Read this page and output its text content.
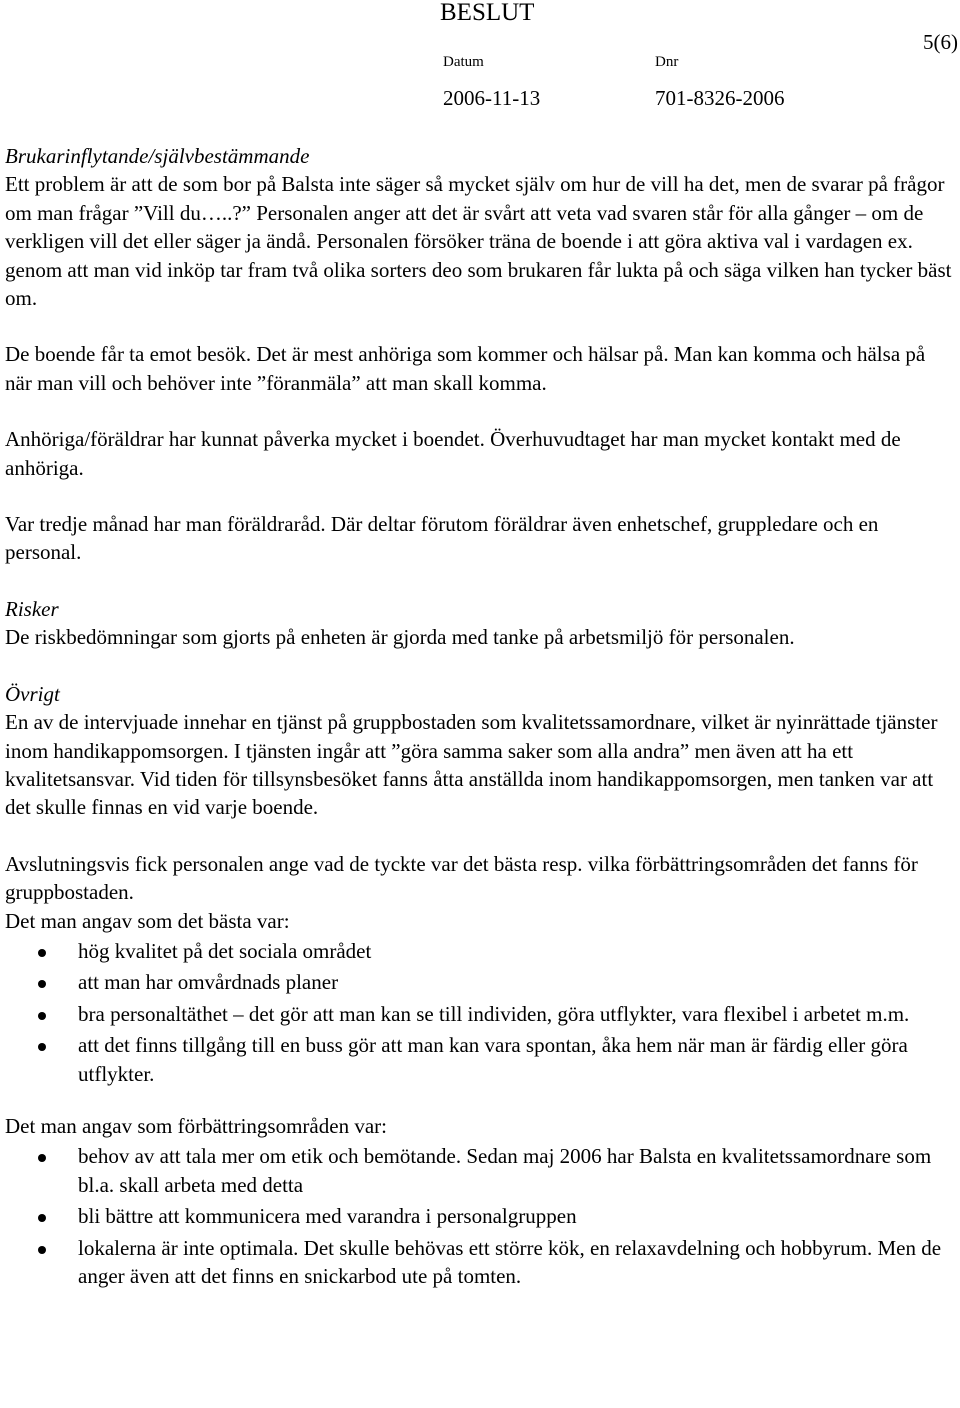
BESLUT
5(6)
Datum	Dnr
2006-11-13	701-8326-2006

Brukarinflytande/självbestämmande

Ett problem är att de som bor på Balsta inte säger så mycket själv om hur de vill ha det, men de svarar på frågor om man frågar ”Vill du…..?” Personalen anger att det är svårt att veta vad svaren står för alla gånger – om de verkligen vill det eller säger ja ändå. Personalen försöker träna de boende i att göra aktiva val i vardagen ex. genom att man vid inköp tar fram två olika sorters deo som brukaren får lukta på och säga vilken han tycker bäst om.

De boende får ta emot besök. Det är mest anhöriga som kommer och hälsar på. Man kan komma och hälsa på när man vill och behöver inte ”föranmäla” att man skall komma.

Anhöriga/föräldrar har kunnat påverka mycket i boendet. Överhuvudtaget har man mycket kontakt med de anhöriga.

Var tredje månad har man föräldraråd. Där deltar förutom föräldrar även enhetschef, gruppledare och en personal.

Risker

De riskbedömningar som gjorts på enheten är gjorda med tanke på arbetsmiljö för personalen.

Övrigt

En av de intervjuade innehar en tjänst på gruppbostaden som kvalitetssamordnare, vilket är nyinrättade tjänster inom handikappomsorgen. I tjänsten ingår att ”göra samma saker som alla andra” men även att ha ett kvalitetsansvar. Vid tiden för tillsynsbesöket fanns åtta anställda inom handikappomsorgen, men tanken var att det skulle finnas en vid varje boende.

Avslutningsvis fick personalen ange vad de tyckte var det bästa resp. vilka förbättringsområden det fanns för gruppbostaden.

Det man angav som det bästa var:

hög kvalitet på det sociala området
att man har omvårdnads planer
bra personaltäthet – det gör att man kan se till individen, göra utflykter, vara flexibel i arbetet m.m.
att det finns tillgång till en buss gör att man kan vara spontan, åka hem när man är färdig eller göra utflykter.

Det man angav som förbättringsområden var:

behov av att tala mer om etik och bemötande. Sedan maj 2006 har Balsta en kvalitetssamordnare som bl.a. skall arbeta med detta
bli bättre att kommunicera med varandra i personalgruppen
lokalerna är inte optimala. Det skulle behövas ett större kök, en relaxavdelning och hobbyrum. Men de anger även att det finns en snickarbod ute på tomten.
